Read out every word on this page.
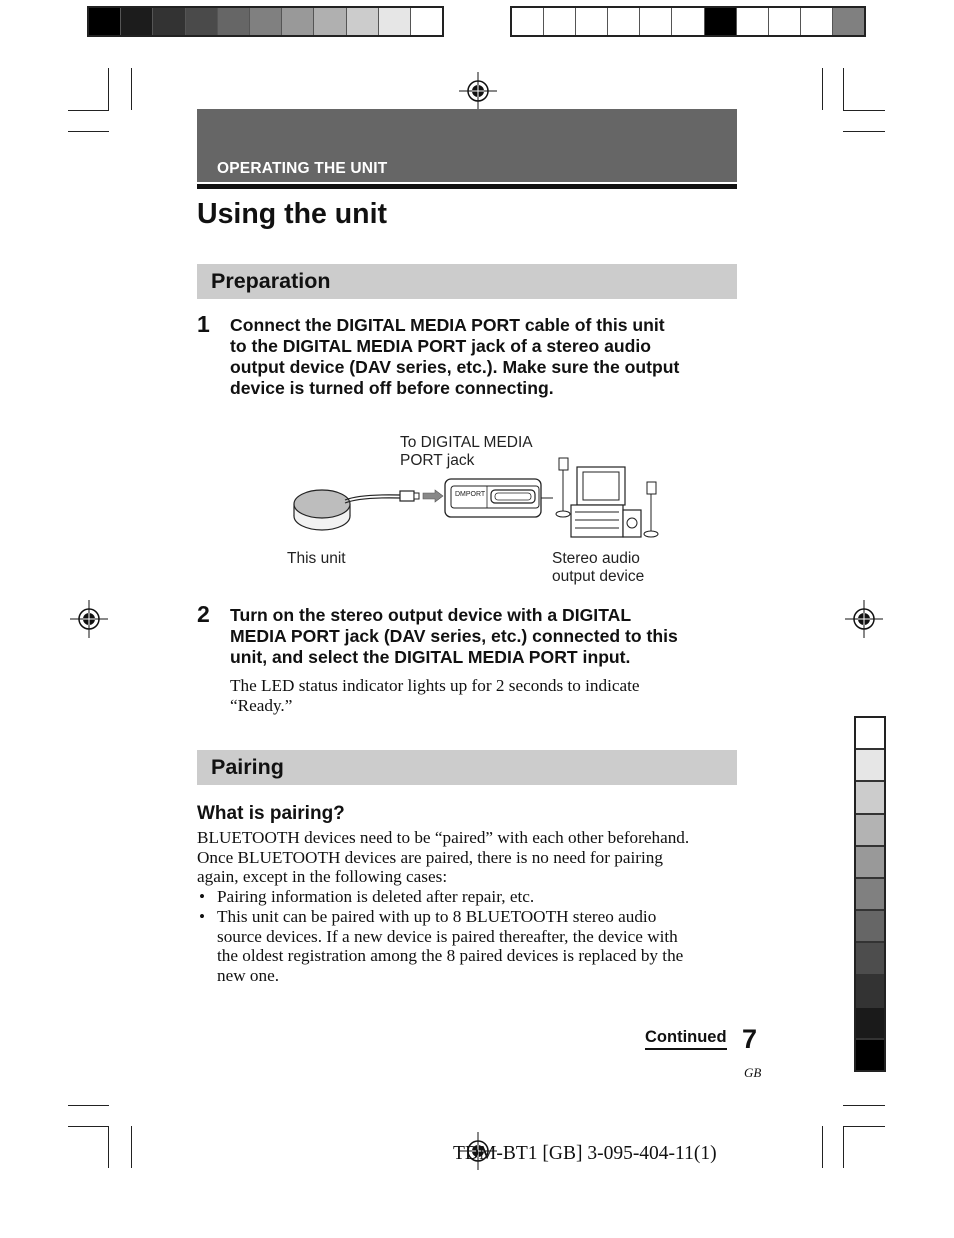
OPERATING THE UNIT
Using the unit
Preparation
1 Connect the DIGITAL MEDIA PORT cable of this unit
to the DIGITAL MEDIA PORT jack of a stereo audio
output device (DAV series, etc.). Make sure the output
device is turned off before connecting.
To DIGITAL MEDIA
PORT jack
DMPORT
This unit	Stereo audio
output device
2 Turn on the stereo output device with a DIGITAL
MEDIA PORT jack (DAV series, etc.) connected to this
unit, and select the DIGITAL MEDIA PORT input.
The LED status indicator lights up for 2 seconds to indicate
“Ready.”
Pairing
What is pairing?
BLUETOOTH devices need to be “paired” with each other beforehand.
Once BLUETOOTH devices are paired, there is no need for pairing
again, except in the following cases:
• Pairing information is deleted after repair, etc.
• This unit can be paired with up to 8 BLUETOOTH stereo audio
source devices. If a new device is paired thereafter, the device with
the oldest registration among the 8 paired devices is replaced by the
new one.
Continued 7
GB
TDM-BT1 [GB] 3-095-404-11(1)
